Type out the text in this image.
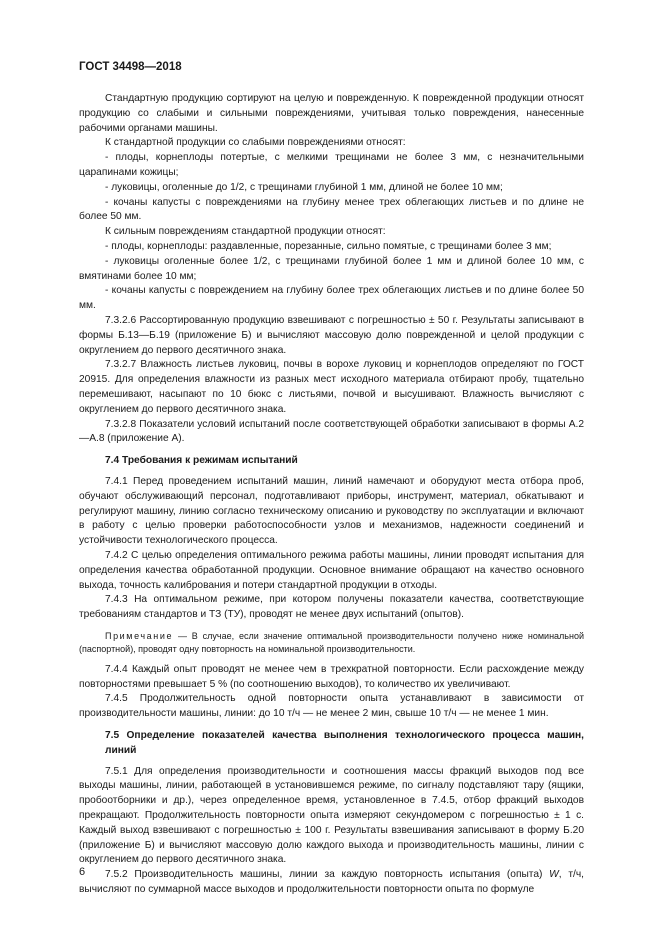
ГОСТ 34498—2018

Стандартную продукцию сортируют на целую и поврежденную. К поврежденной продукции относят продукцию со слабыми и сильными повреждениями, учитывая только повреждения, нанесенные рабочими органами машины.

К стандартной продукции со слабыми повреждениями относят:

- плоды, корнеплоды потертые, с мелкими трещинами не более 3 мм, с незначительными царапинами кожицы;

- луковицы, оголенные до 1/2, с трещинами глубиной 1 мм, длиной не более 10 мм;

- кочаны капусты с повреждениями на глубину менее трех облегающих листьев и по длине не более 50 мм.

К сильным повреждениям стандартной продукции относят:

- плоды, корнеплоды: раздавленные, порезанные, сильно помятые, с трещинами более 3 мм;

- луковицы оголенные более 1/2, с трещинами глубиной более 1 мм и длиной более 10 мм, с вмятинами более 10 мм;

- кочаны капусты с повреждением на глубину более трех облегающих листьев и по длине более 50 мм.

7.3.2.6 Рассортированную продукцию взвешивают с погрешностью ± 50 г. Результаты записывают в формы Б.13—Б.19 (приложение Б) и вычисляют массовую долю поврежденной и целой продукции с округлением до первого десятичного знака.

7.3.2.7 Влажность листьев луковиц, почвы в ворохе луковиц и корнеплодов определяют по ГОСТ 20915. Для определения влажности из разных мест исходного материала отбирают пробу, тщательно перемешивают, насыпают по 10 бюкс с листьями, почвой и высушивают. Влажность вычисляют с округлением до первого десятичного знака.

7.3.2.8 Показатели условий испытаний после соответствующей обработки записывают в формы А.2—А.8 (приложение А).

7.4 Требования к режимам испытаний

7.4.1 Перед проведением испытаний машин, линий намечают и оборудуют места отбора проб, обучают обслуживающий персонал, подготавливают приборы, инструмент, материал, обкатывают и регулируют машину, линию согласно техническому описанию и руководству по эксплуатации и включают в работу с целью проверки работоспособности узлов и механизмов, надежности соединений и устойчивости технологического процесса.

7.4.2 С целью определения оптимального режима работы машины, линии проводят испытания для определения качества обработанной продукции. Основное внимание обращают на качество основного выхода, точность калибрования и потери стандартной продукции в отходы.

7.4.3 На оптимальном режиме, при котором получены показатели качества, соответствующие требованиям стандартов и ТЗ (ТУ), проводят не менее двух испытаний (опытов).

Примечание — В случае, если значение оптимальной производительности получено ниже номинальной (паспортной), проводят одну повторность на номинальной производительности.

7.4.4 Каждый опыт проводят не менее чем в трехкратной повторности. Если расхождение между повторностями превышает 5 % (по соотношению выходов), то количество их увеличивают.

7.4.5 Продолжительность одной повторности опыта устанавливают в зависимости от производительности машины, линии: до 10 т/ч — не менее 2 мин, свыше 10 т/ч — не менее 1 мин.

7.5 Определение показателей качества выполнения технологического процесса машин, линий

7.5.1 Для определения производительности и соотношения массы фракций выходов под все выходы машины, линии, работающей в установившемся режиме, по сигналу подставляют тару (ящики, пробоотборники и др.), через определенное время, установленное в 7.4.5, отбор фракций выходов прекращают. Продолжительность повторности опыта измеряют секундомером с погрешностью ± 1 с. Каждый выход взвешивают с погрешностью ± 100 г. Результаты взвешивания записывают в форму Б.20 (приложение Б) и вычисляют массовую долю каждого выхода и производительность машины, линии с округлением до первого десятичного знака.

7.5.2 Производительность машины, линии за каждую повторность испытания (опыта) W, т/ч, вычисляют по суммарной массе выходов и продолжительности повторности опыта по формуле

6
